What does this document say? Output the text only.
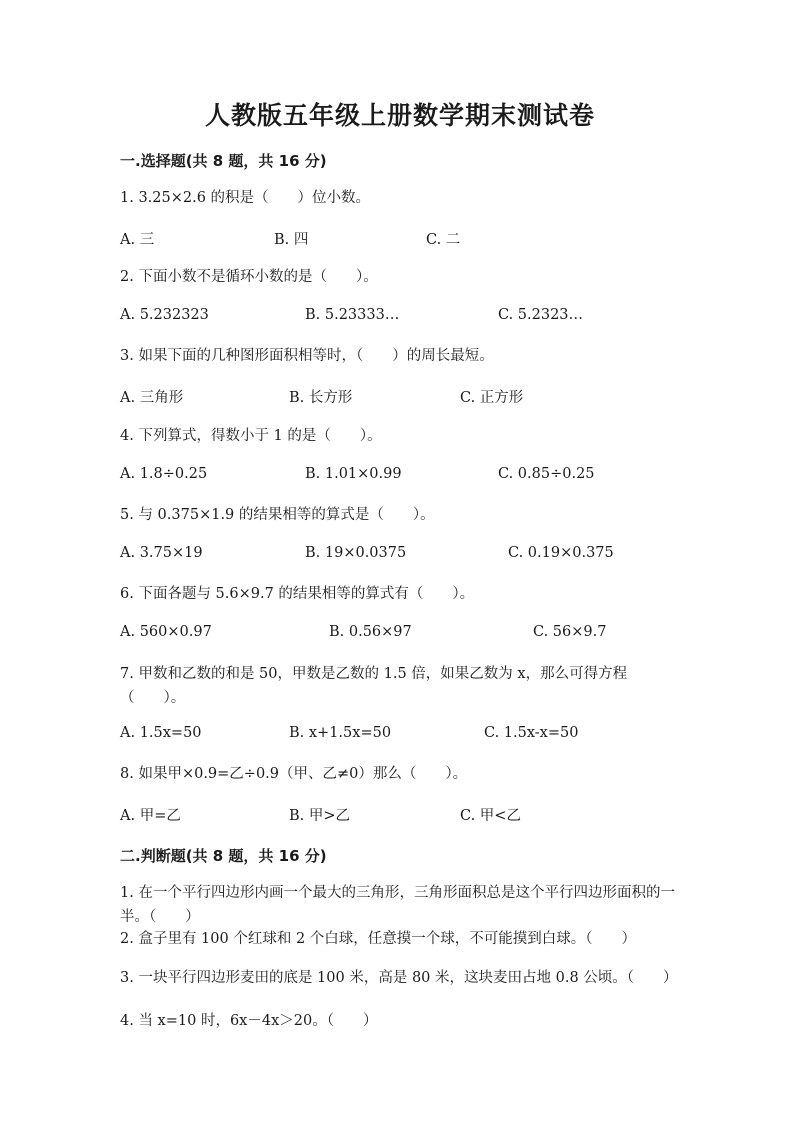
人教版五年级上册数学期末测试卷
一.选择题(共 8 题，共 16 分)
1. 3.25×2.6 的积是（　　）位小数。
A. 三	B. 四	C. 二
2. 下面小数不是循环小数的是（　　）。
A. 5.232323	B. 5.23333…	C. 5.2323…
3. 如果下面的几种图形面积相等时，（　　）的周长最短。
A. 三角形	B. 长方形	C. 正方形
4. 下列算式，得数小于 1 的是（　　）。
A. 1.8÷0.25	B. 1.01×0.99	C. 0.85÷0.25
5. 与 0.375×1.9 的结果相等的算式是（　　）。
A. 3.75×19	B. 19×0.0375	C. 0.19×0.375
6. 下面各题与 5.6×9.7 的结果相等的算式有（　　）。
A. 560×0.97	B. 0.56×97	C. 56×9.7
7. 甲数和乙数的和是 50，甲数是乙数的 1.5 倍，如果乙数为 x，那么可得方程（　　）。
A. 1.5x=50	B. x+1.5x=50	C. 1.5x-x=50
8. 如果甲×0.9=乙÷0.9（甲、乙≠0）那么（　　）。
A. 甲=乙	B. 甲>乙	C. 甲<乙
二.判断题(共 8 题，共 16 分)
1. 在一个平行四边形内画一个最大的三角形，三角形面积总是这个平行四边形面积的一半。（　　）
2. 盒子里有 100 个红球和 2 个白球，任意摸一个球，不可能摸到白球。（　　）
3. 一块平行四边形麦田的底是 100 米，高是 80 米，这块麦田占地 0.8 公顷。（　　）
4. 当 x=10 时，6x－4x＞20。（　　）
